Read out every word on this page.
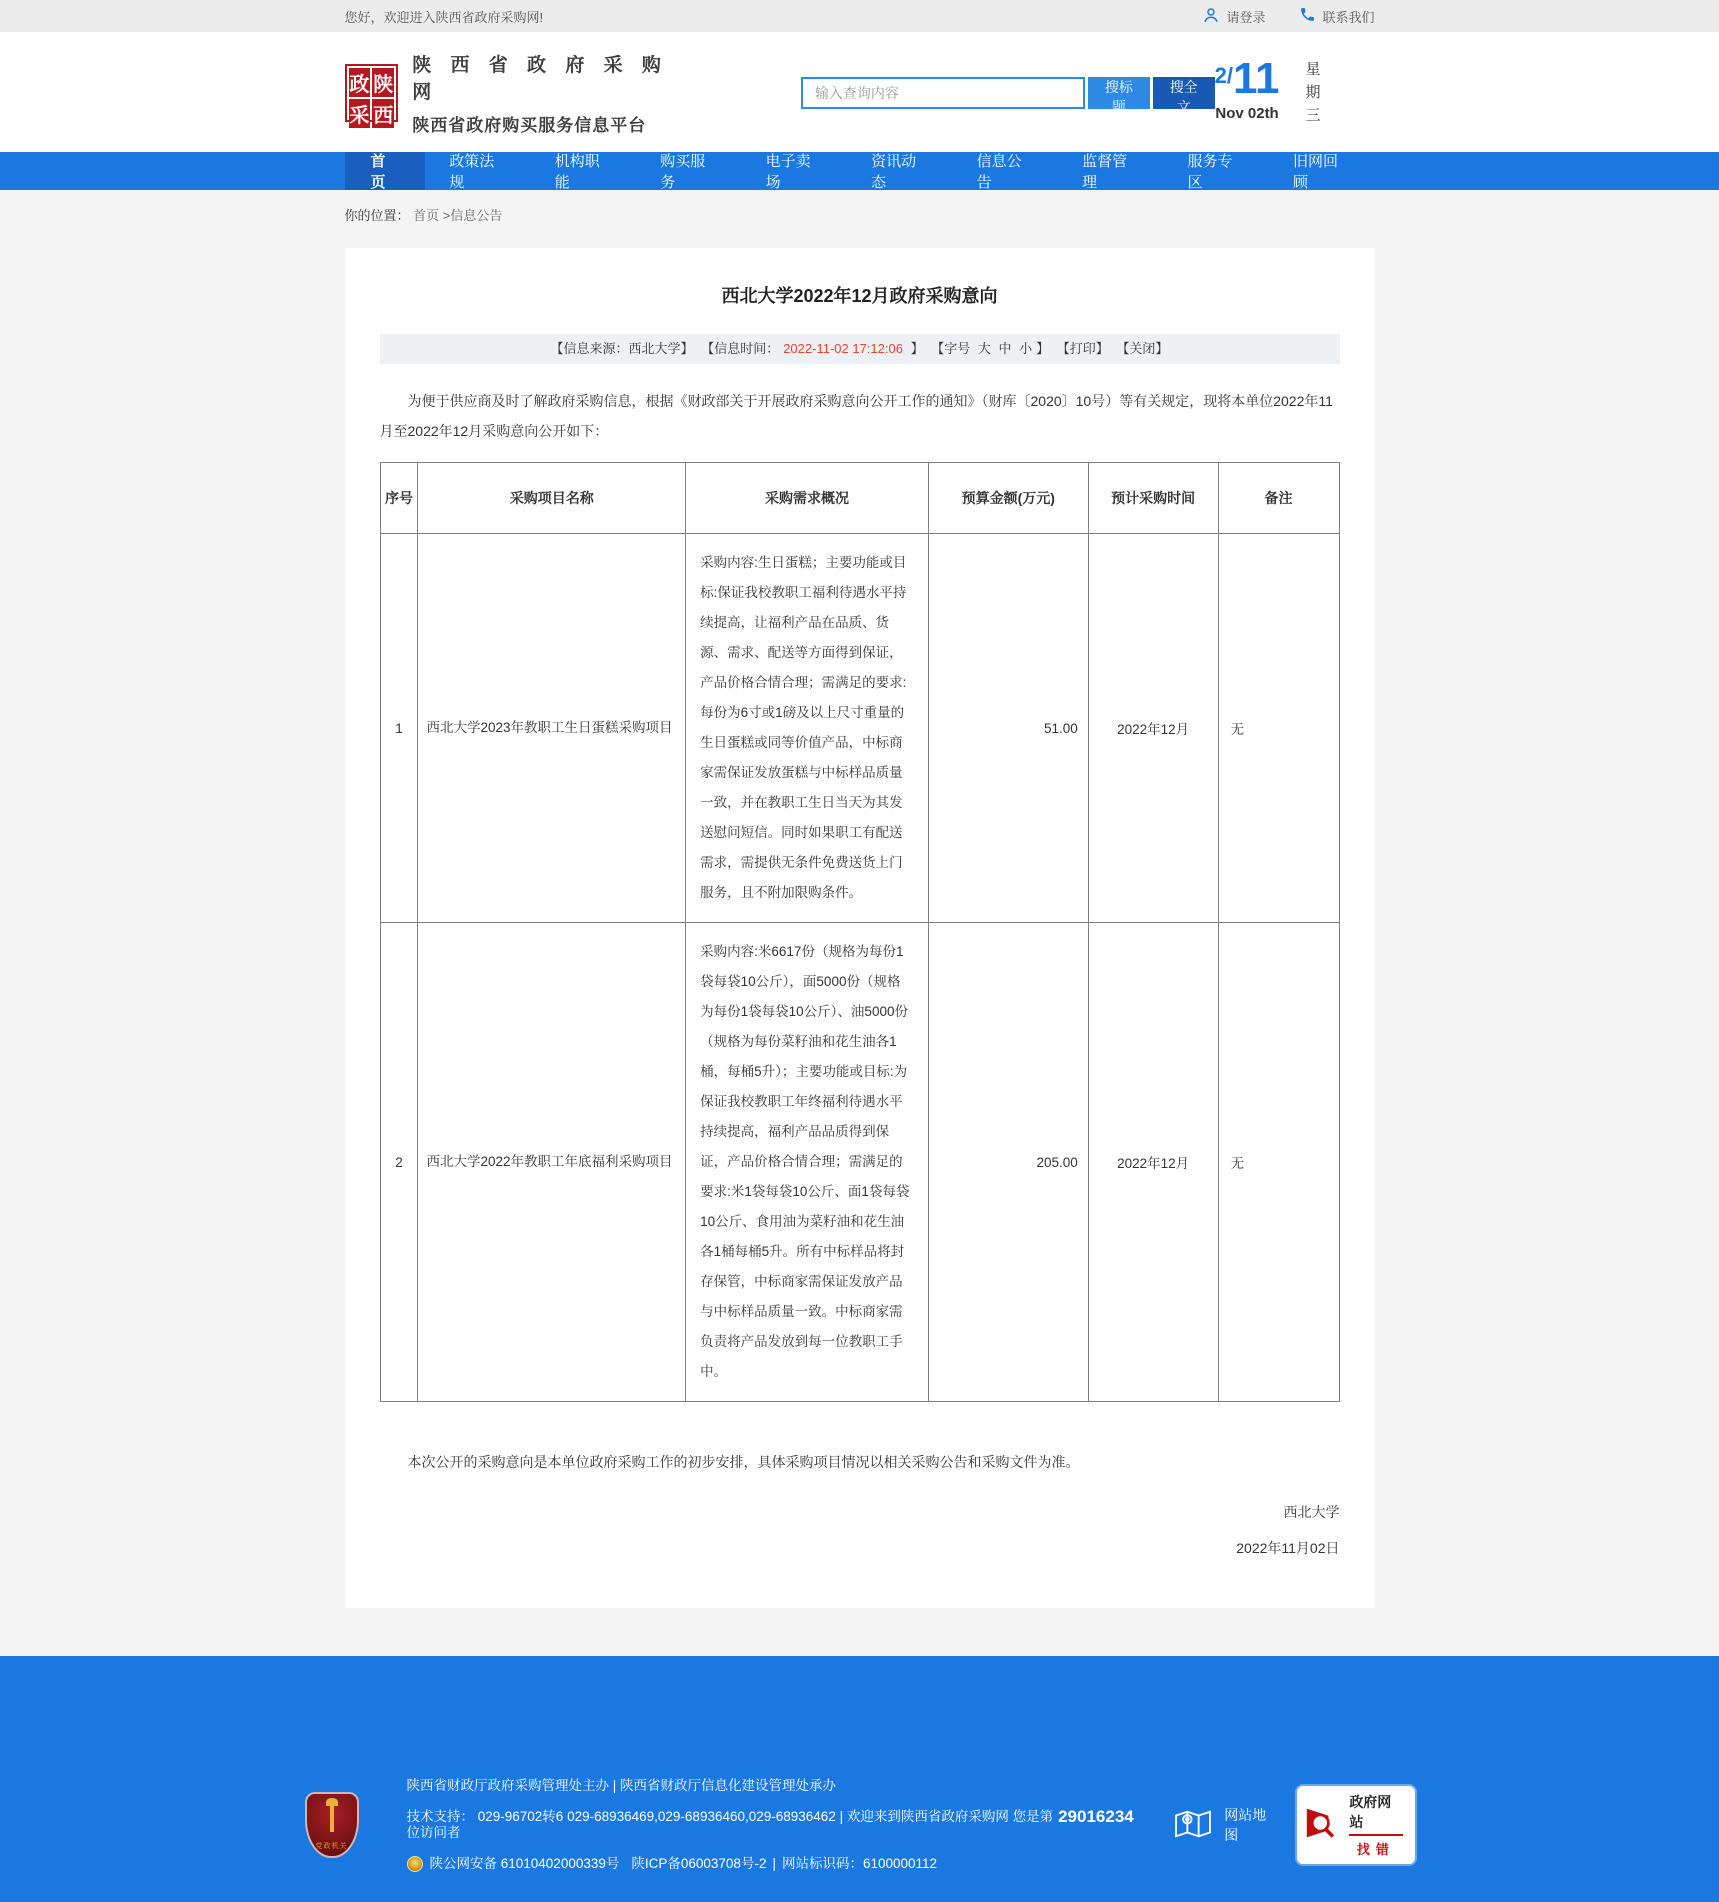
您好，欢迎进入陕西省政府采购网!	请登录	联系我们
政 陕
采 西
陕 西 省 政 府 采 购 网
陕西省政府购买服务信息平台
输入查询内容
搜标题
搜全文
2/11
Nov 02th 星期三
首页
政策法规
机构职能
购买服务
电子卖场
资讯动态
信息公告
监督管理
服务专区
旧网回顾
你的位置： 首页 >信息公告
西北大学2022年12月政府采购意向
【信息来源：西北大学】 【信息时间： 2022-11-02 17:12:06 】 【字号 大 中 小 】 【打印】 【关闭】

为便于供应商及时了解政府采购信息，根据《财政部关于开展政府采购意向公开工作的通知》（财库〔2020〕10号）等有关规定，现将本单位2022年11月至2022年12月采购意向公开如下：

序号	采购项目名称	采购需求概况	预算金额(万元)	预计采购时间	备注
1	西北大学2023年教职工生日蛋糕采购项目	采购内容:生日蛋糕；主要功能或目标:保证我校教职工福利待遇水平持续提高，让福利产品在品质、货源、需求、配送等方面得到保证，产品价格合情合理；需满足的要求:每份为6寸或1磅及以上尺寸重量的生日蛋糕或同等价值产品，中标商家需保证发放蛋糕与中标样品质量一致，并在教职工生日当天为其发送慰问短信。同时如果职工有配送需求，需提供无条件免费送货上门服务，且不附加限购条件。	51.00	2022年12月	无
2	西北大学2022年教职工年底福利采购项目	采购内容:米6617份（规格为每份1袋每袋10公斤），面5000份（规格为每份1袋每袋10公斤）、油5000份（规格为每份菜籽油和花生油各1桶，每桶5升）；主要功能或目标:为保证我校教职工年终福利待遇水平持续提高，福利产品品质得到保证，产品价格合情合理；需满足的要求:米1袋每袋10公斤、面1袋每袋10公斤、食用油为菜籽油和花生油各1桶每桶5升。所有中标样品将封存保管，中标商家需保证发放产品与中标样品质量一致。中标商家需负责将产品发放到每一位教职工手中。	205.00	2022年12月	无

本次公开的采购意向是本单位政府采购工作的初步安排，具体采购项目情况以相关采购公告和采购文件为准。

西北大学
2022年11月02日
党政机关
陕西省财政厅政府采购管理处主办 | 陕西省财政厅信息化建设管理处承办
技术支持： 029-96702转6 029-68936469,029-68936460,029-68936462 | 欢迎来到陕西省政府采购网 您是第 29016234
位访问者
陕公网安备 61010402000339号 陕ICP备06003708号-2 | 网站标识码：6100000112
网站地图
政府网站
找错
